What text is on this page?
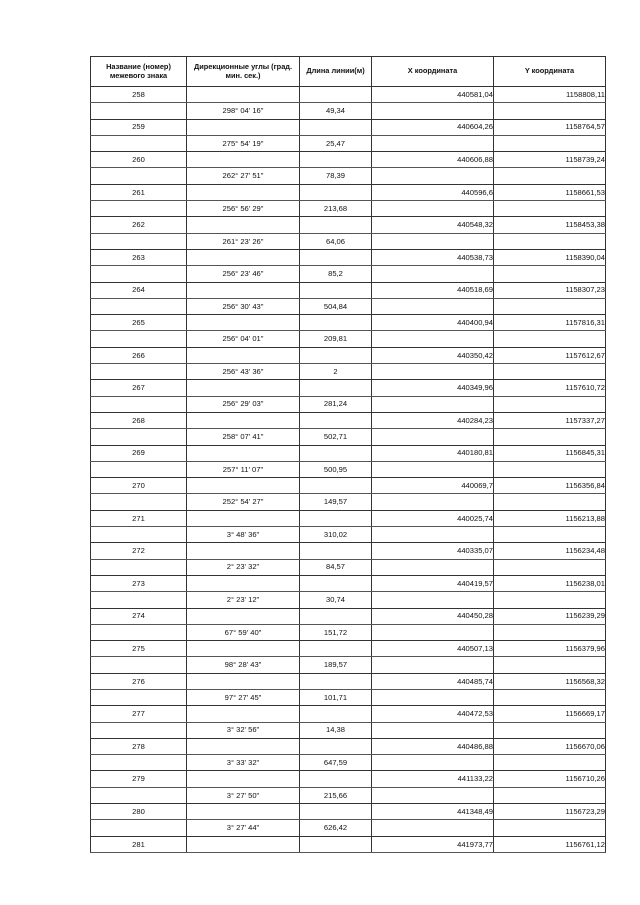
Название (номер) межевого знака	Дирекционные углы (град. мин. сек.)	Длина линии(м)	X координата	Y координата
258			440581,04	1158808,11
	298° 04' 16"	49,34		
259			440604,26	1158764,57
	275° 54' 19"	25,47		
260			440606,88	1158739,24
	262° 27' 51"	78,39		
261			440596,6	1158661,53
	256° 56' 29"	213,68		
262			440548,32	1158453,38
	261° 23' 26"	64,06		
263			440538,73	1158390,04
	256° 23' 46"	85,2		
264			440518,69	1158307,23
	256° 30' 43"	504,84		
265			440400,94	1157816,31
	256° 04' 01"	209,81		
266			440350,42	1157612,67
	256° 43' 36"	2		
267			440349,96	1157610,72
	256° 29' 03"	281,24		
268			440284,23	1157337,27
	258° 07' 41"	502,71		
269			440180,81	1156845,31
	257° 11' 07"	500,95		
270			440069,7	1156356,84
	252° 54' 27"	149,57		
271			440025,74	1156213,88
	3° 48' 36"	310,02		
272			440335,07	1156234,48
	2° 23' 32"	84,57		
273			440419,57	1156238,01
	2° 23' 12"	30,74		
274			440450,28	1156239,29
	67° 59' 40"	151,72		
275			440507,13	1156379,96
	98° 28' 43"	189,57		
276			440485,74	1156568,32
	97° 27' 45"	101,71		
277			440472,53	1156669,17
	3° 32' 56"	14,38		
278			440486,88	1156670,06
	3° 33' 32"	647,59		
279			441133,22	1156710,26
	3° 27' 50"	215,66		
280			441348,49	1156723,29
	3° 27' 44"	626,42		
281			441973,77	1156761,12
